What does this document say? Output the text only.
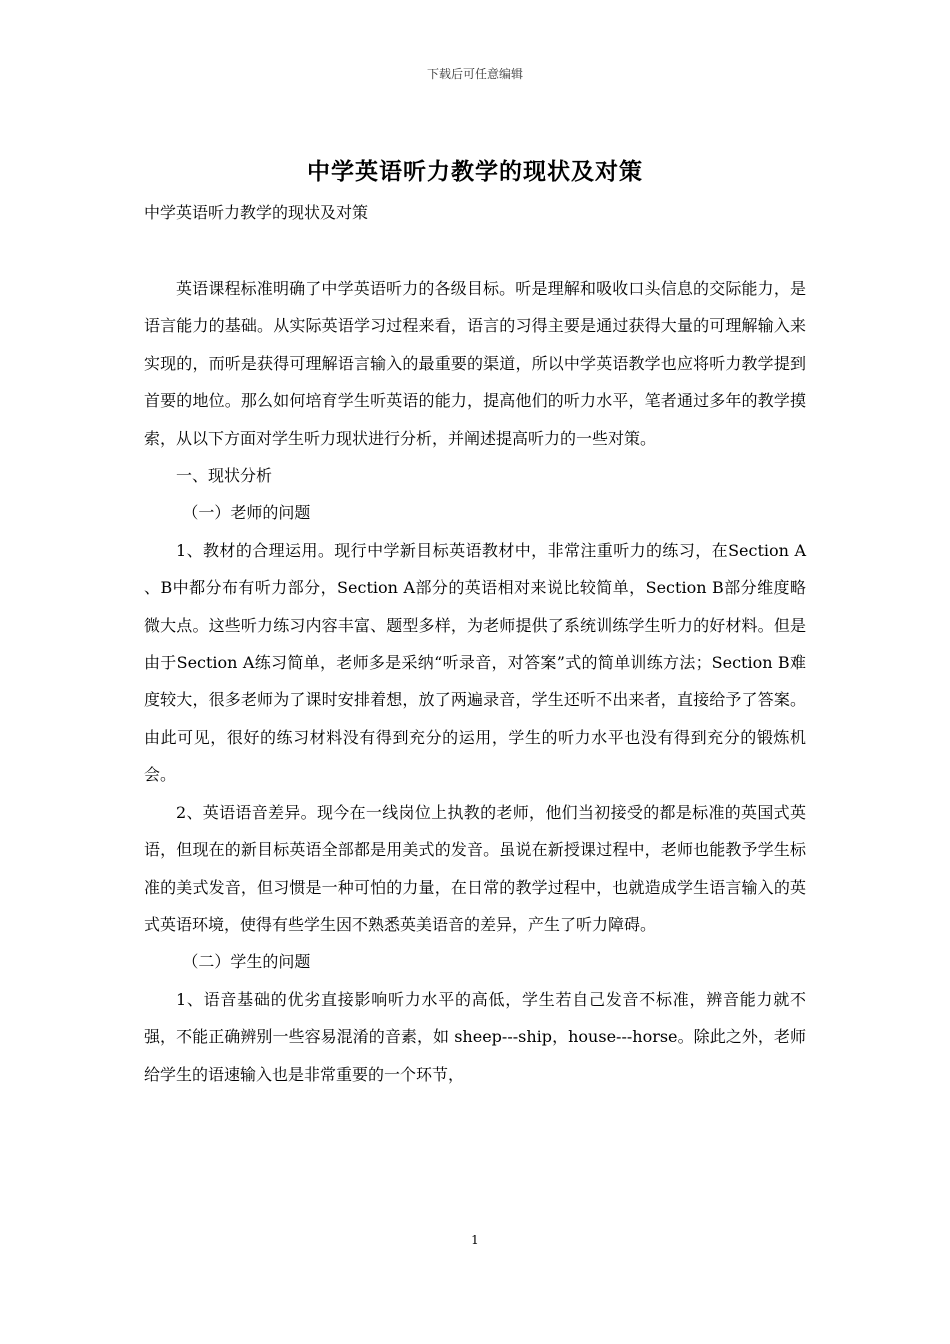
下载后可任意编辑
中学英语听力教学的现状及对策
中学英语听力教学的现状及对策

英语课程标准明确了中学英语听力的各级目标。听是理解和吸收口头信息的交际能力，是语言能力的基础。从实际英语学习过程来看，语言的习得主要是通过获得大量的可理解输入来实现的，而听是获得可理解语言输入的最重要的渠道，所以中学英语教学也应将听力教学提到首要的地位。那么如何培育学生听英语的能力，提高他们的听力水平，笔者通过多年的教学摸索，从以下方面对学生听力现状进行分析，并阐述提高听力的一些对策。

一、现状分析

（一）老师的问题

1、教材的合理运用。现行中学新目标英语教材中，非常注重听力的练习，在Section A 、B中都分布有听力部分，Section A部分的英语相对来说比较简单，Section B部分维度略微大点。这些听力练习内容丰富、题型多样，为老师提供了系统训练学生听力的好材料。但是由于Section A练习简单，老师多是采纳“听录音，对答案”式的简单训练方法；Section B难度较大，很多老师为了课时安排着想，放了两遍录音，学生还听不出来者，直接给予了答案。由此可见，很好的练习材料没有得到充分的运用，学生的听力水平也没有得到充分的锻炼机会。

2、英语语音差异。现今在一线岗位上执教的老师，他们当初接受的都是标准的英国式英语，但现在的新目标英语全部都是用美式的发音。虽说在新授课过程中，老师也能教予学生标准的美式发音，但习惯是一种可怕的力量，在日常的教学过程中，也就造成学生语言输入的英式英语环境，使得有些学生因不熟悉英美语音的差异，产生了听力障碍。

（二）学生的问题

1、语音基础的优劣直接影响听力水平的高低，学生若自己发音不标准，辨音能力就不强，不能正确辨别一些容易混淆的音素，如 sheep---ship，house---horse。除此之外，老师给学生的语速输入也是非常重要的一个环节，

1
